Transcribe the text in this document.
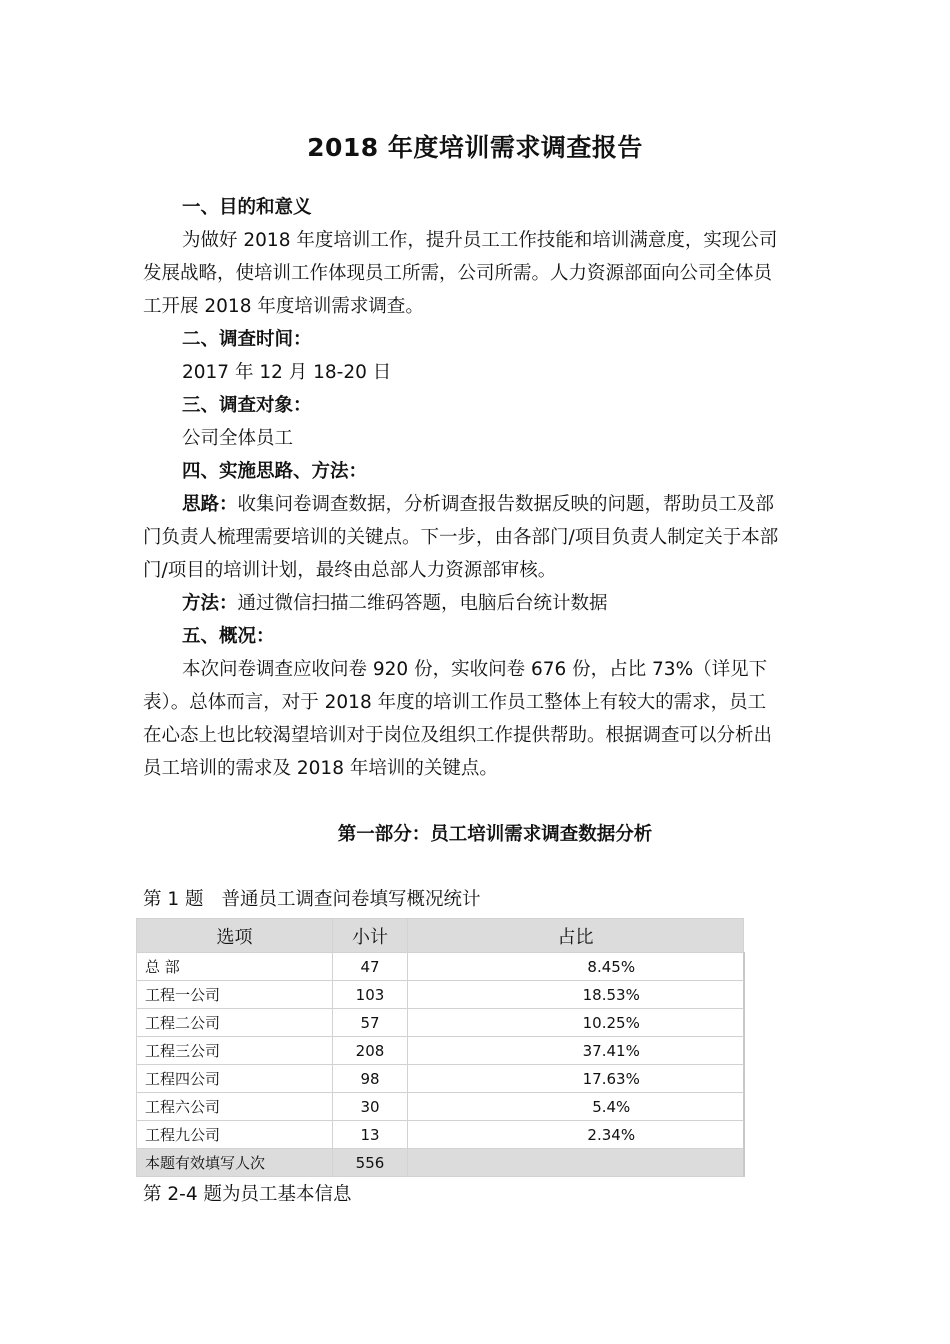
2018 年度培训需求调查报告
一、目的和意义
为做好 2018 年度培训工作，提升员工工作技能和培训满意度，实现公司
发展战略，使培训工作体现员工所需，公司所需。人力资源部面向公司全体员
工开展 2018 年度培训需求调查。
二、调查时间：
2017 年 12 月 18-20 日
三、调查对象：
公司全体员工
四、实施思路、方法：
思路：收集问卷调查数据，分析调查报告数据反映的问题，帮助员工及部
门负责人梳理需要培训的关键点。下一步，由各部门/项目负责人制定关于本部
门/项目的培训计划，最终由总部人力资源部审核。
方法：通过微信扫描二维码答题，电脑后台统计数据
五、概况：
本次问卷调查应收问卷 920 份，实收问卷 676 份，占比 73%（详见下
表）。总体而言，对于 2018 年度的培训工作员工整体上有较大的需求，员工
在心态上也比较渴望培训对于岗位及组织工作提供帮助。根据调查可以分析出
员工培训的需求及 2018 年培训的关键点。
第一部分：员工培训需求调查数据分析
第 1 题 普通员工调查问卷填写概况统计
选项	小计	占比
总 部	47	8.45%
工程一公司	103	18.53%
工程二公司	57	10.25%
工程三公司	208	37.41%
工程四公司	98	17.63%
工程六公司	30	5.4%
工程九公司	13	2.34%
本题有效填写人次	556	
第 2-4 题为员工基本信息
